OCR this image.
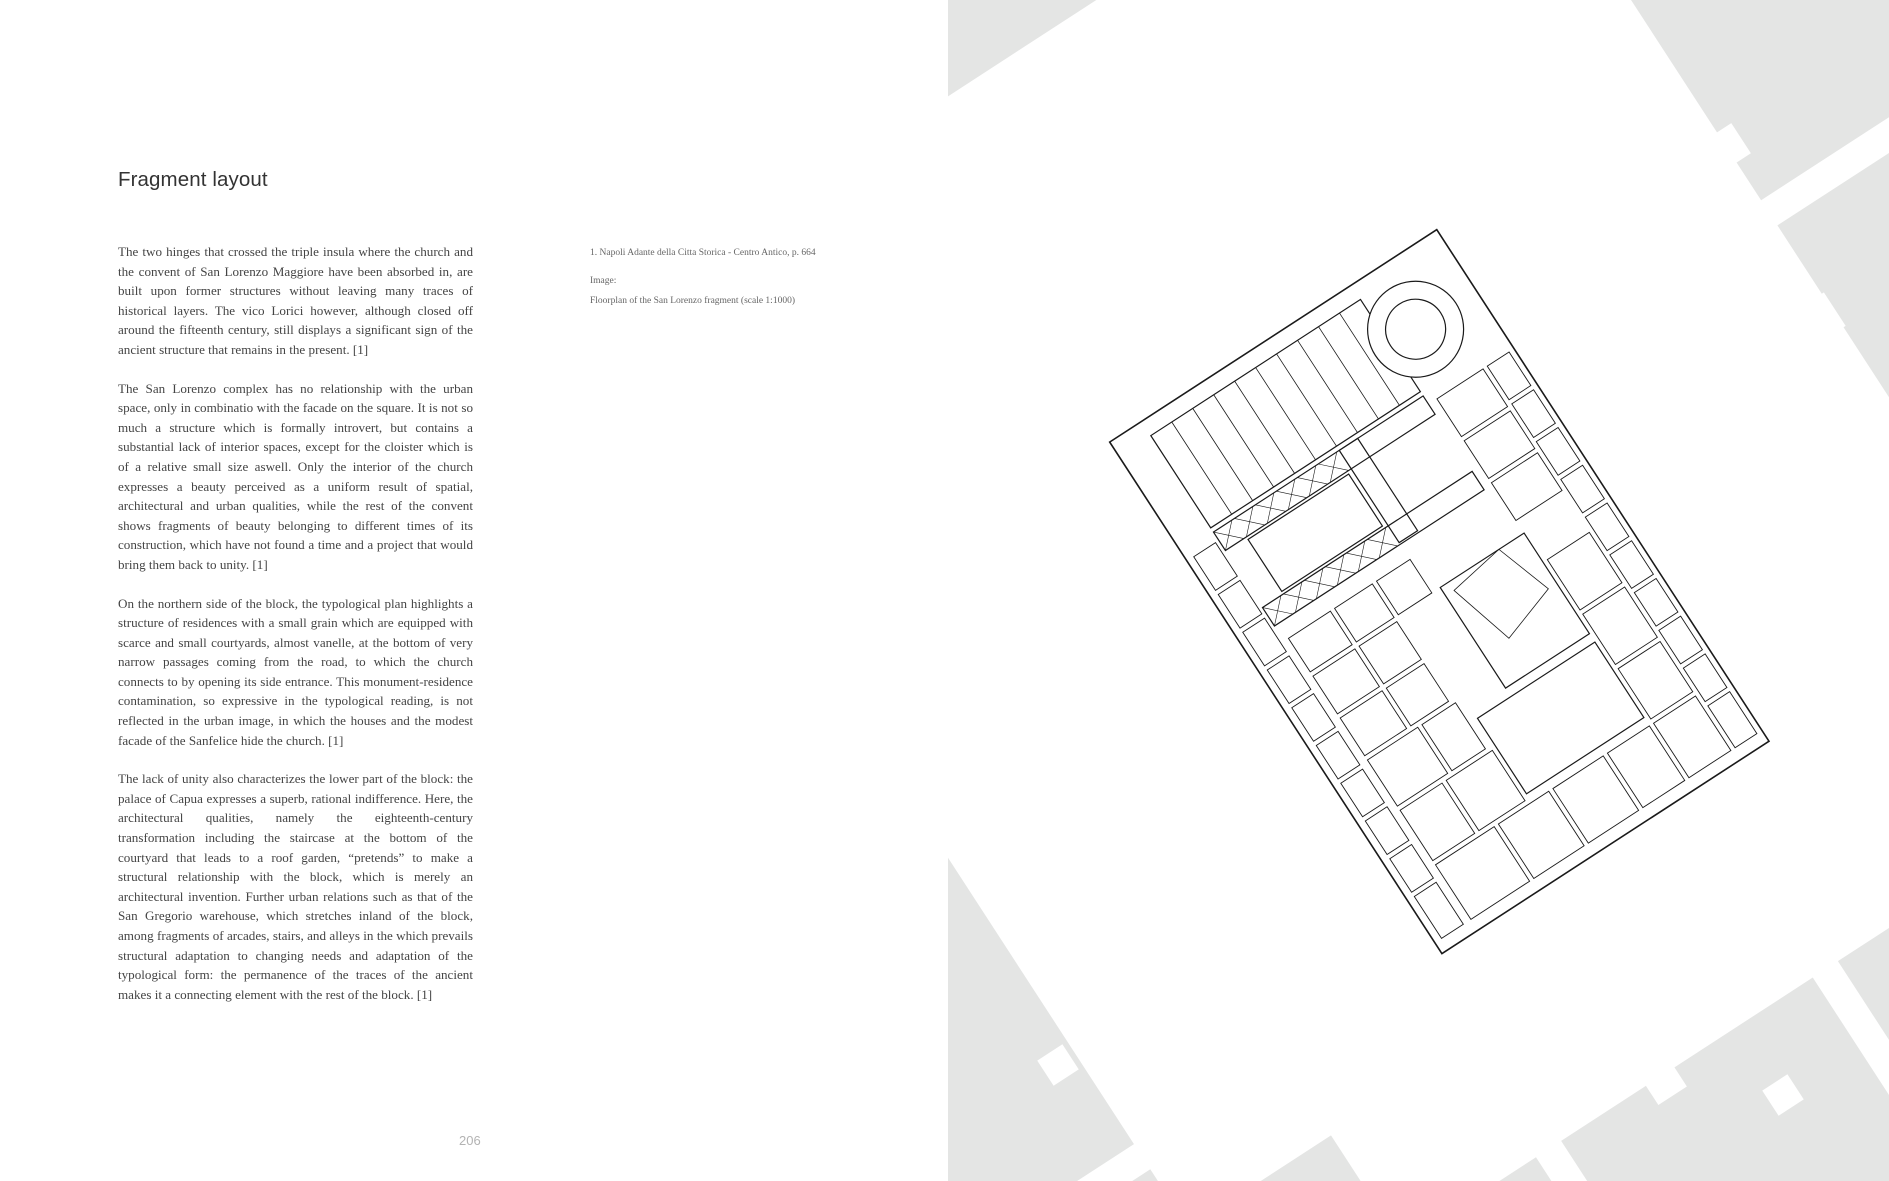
Fragment layout

The two hinges that crossed the triple insula where the church and the convent of San Lorenzo Maggiore have been absorbed in, are built upon former structures without leaving many traces of historical layers. The vico Lorici however, although closed off around the fifteenth century, still displays a significant sign of the ancient structure that remains in the present. [1]

The San Lorenzo complex has no relationship with the urban space, only in combinatio with the facade on the square. It is not so much a structure which is formally introvert, but contains a substantial lack of interior spaces, except for the cloister which is of a relative small size aswell. Only the interior of the church expresses a beauty perceived as a uniform result of spatial, architectural and urban qualities, while the rest of the convent shows fragments of beauty belonging to different times of its construction, which have not found a time and a project that would bring them back to unity. [1]

On the northern side of the block, the typological plan highlights a structure of residences with a small grain which are equipped with scarce and small courtyards, almost vanelle, at the bottom of very narrow passages coming from the road, to which the church connects to by opening its side entrance. This monument-residence contamination, so expressive in the typological reading, is not reflected in the urban image, in which the houses and the modest facade of the Sanfelice hide the church. [1]

The lack of unity also characterizes the lower part of the block: the palace of Capua expresses a superb, rational indifference. Here, the architectural qualities, namely the eighteenth-century transformation including the staircase at the bottom of the courtyard that leads to a roof garden, “pretends” to make a structural relationship with the block, which is merely an architectural invention. Further urban relations such as that of the San Gregorio warehouse, which stretches inland of the block, among fragments of arcades, stairs, and alleys in the which prevails structural adaptation to changing needs and adaptation of the typological form: the permanence of the traces of the ancient makes it a connecting element with the rest of the block. [1]

1. Napoli Adante della Citta Storica - Centro Antico, p. 664

Image:

Floorplan of the San Lorenzo fragment (scale 1:1000)

206
